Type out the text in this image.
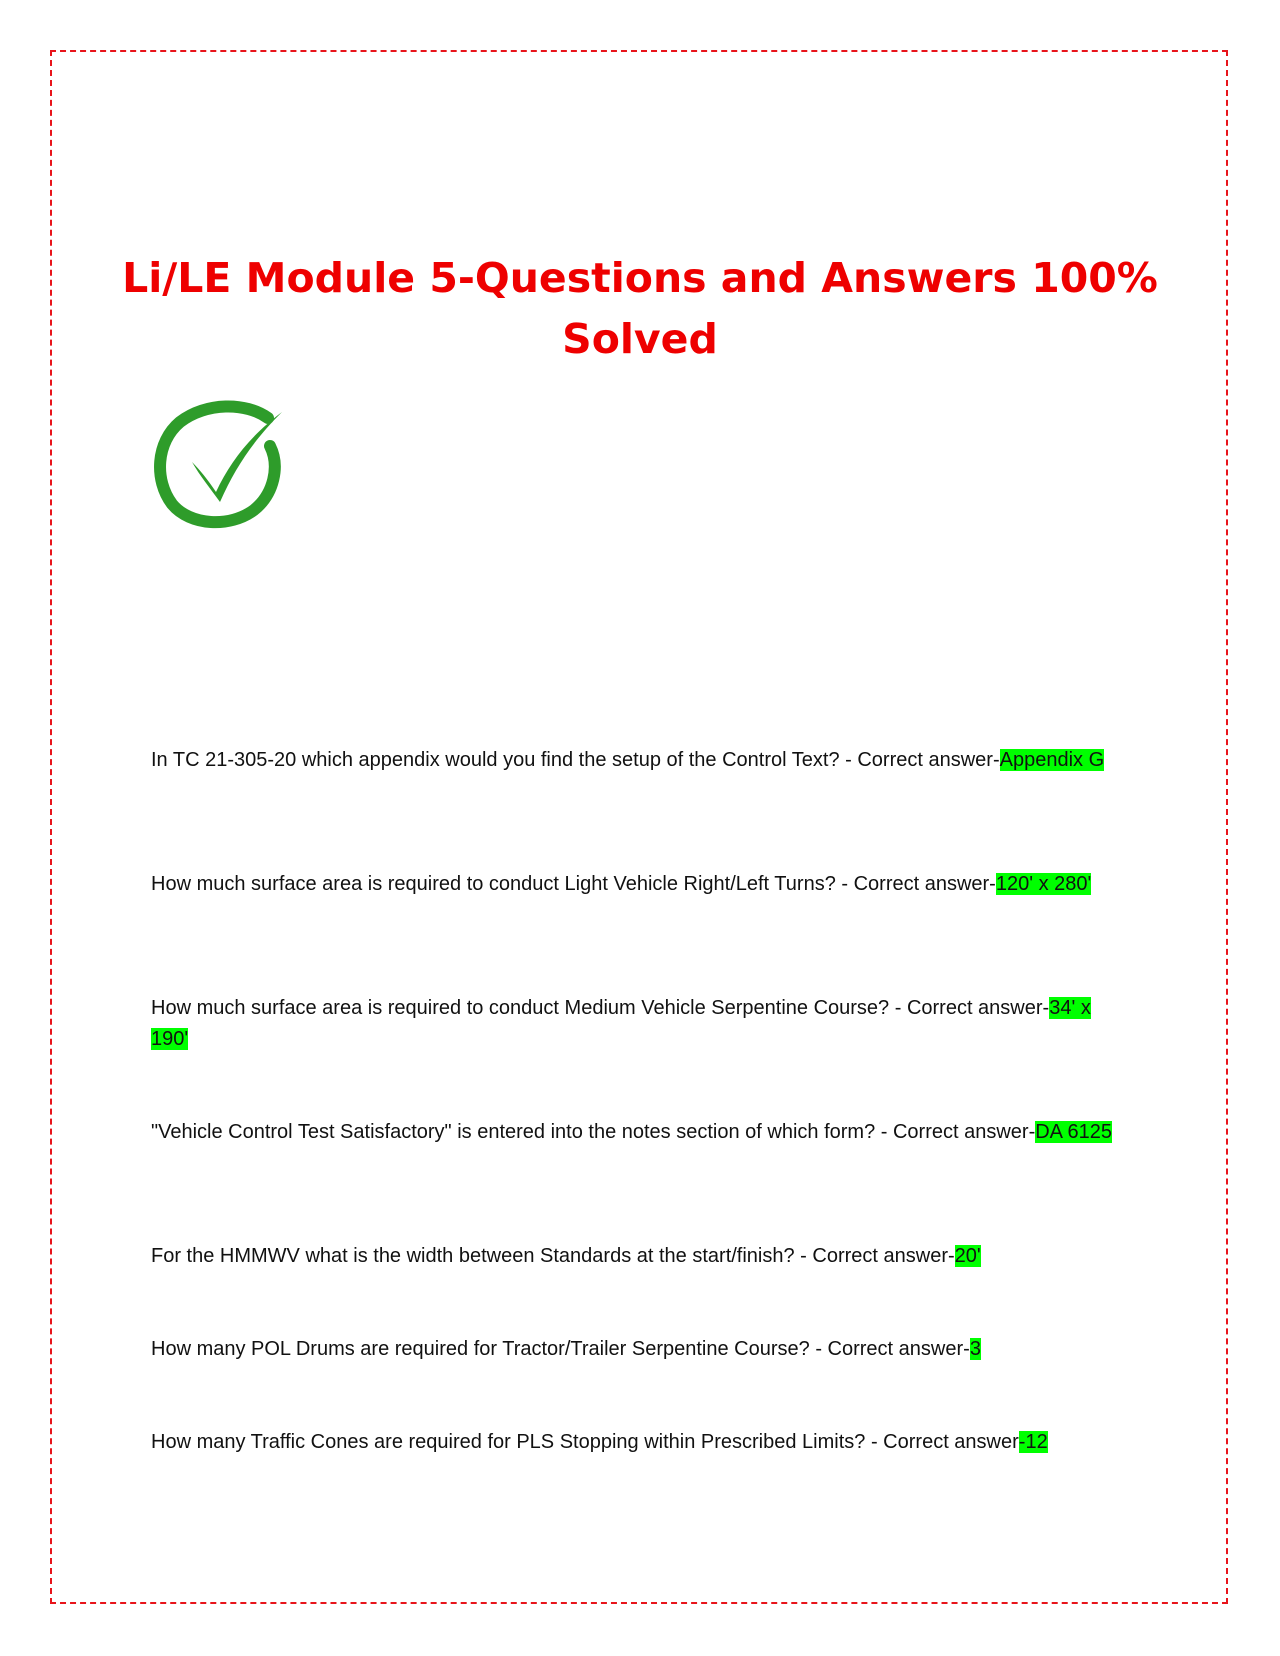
Li/LE Module 5-Questions and Answers 100% Solved
In TC 21-305-20 which appendix would you find the setup of the Control Text? - Correct answer-Appendix G
How much surface area is required to conduct Light Vehicle Right/Left Turns? - Correct answer-120' x 280'
How much surface area is required to conduct Medium Vehicle Serpentine Course? - Correct answer-34' x 190'
"Vehicle Control Test Satisfactory" is entered into the notes section of which form? - Correct answer-DA 6125
For the HMMWV what is the width between Standards at the start/finish? - Correct answer-20'
How many POL Drums are required for Tractor/Trailer Serpentine Course? - Correct answer-3
How many Traffic Cones are required for PLS Stopping within Prescribed Limits? - Correct answer-12
